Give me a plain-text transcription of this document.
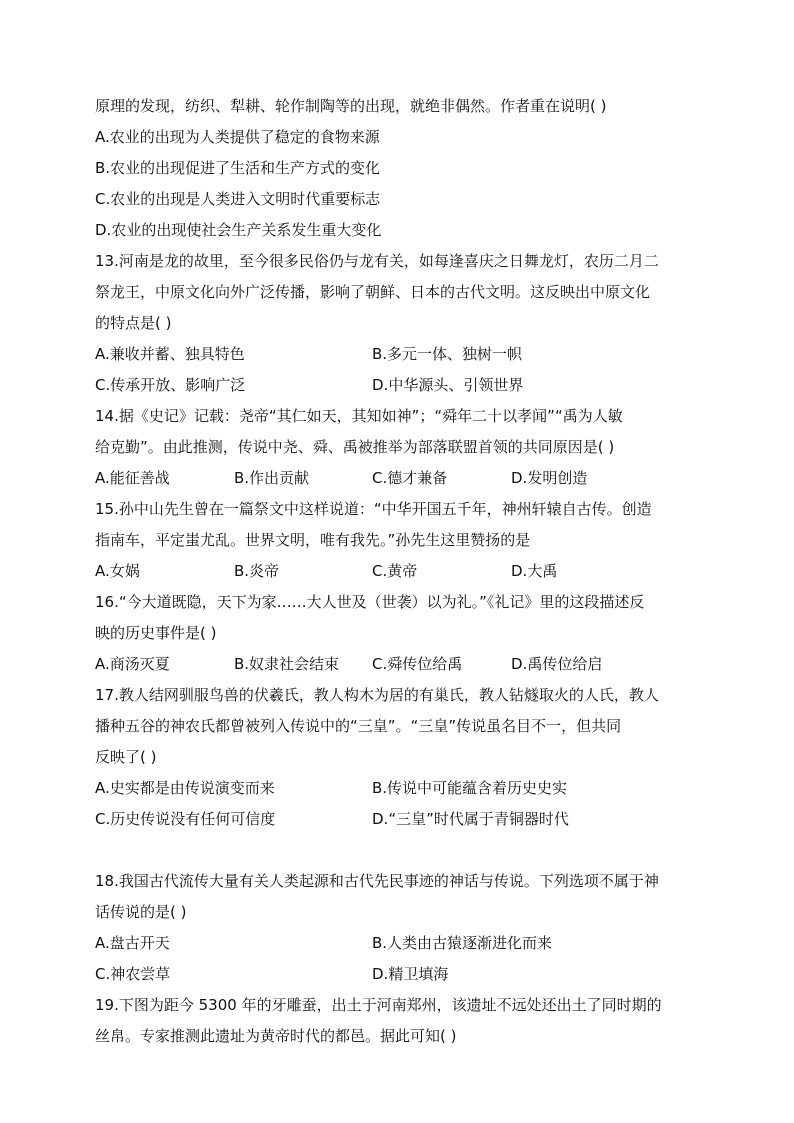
原理的发现，纺织、犁耕、轮作制陶等的出现，就绝非偶然。作者重在说明( )
A.农业的出现为人类提供了稳定的食物来源
B.农业的出现促进了生活和生产方式的变化
C.农业的出现是人类进入文明时代重要标志
D.农业的出现使社会生产关系发生重大变化
13.河南是龙的故里，至今很多民俗仍与龙有关，如每逢喜庆之日舞龙灯，农历二月二
祭龙王，中原文化向外广泛传播，影响了朝鲜、日本的古代文明。这反映出中原文化
的特点是( )
A.兼收并蓄、独具特色	B.多元一体、独树一帜
C.传承开放、影响广泛	D.中华源头、引领世界
14.据《史记》记载：尧帝“其仁如天，其知如神”；“舜年二十以孝闻”“禹为人敏
给克勤”。由此推测，传说中尧、舜、禹被推举为部落联盟首领的共同原因是( )
A.能征善战	B.作出贡献	C.德才兼备	D.发明创造
15.孙中山先生曾在一篇祭文中这样说道：“中华开国五千年，神州轩辕自古传。创造
指南车，平定蚩尤乱。世界文明，唯有我先。”孙先生这里赞扬的是
A.女娲	B.炎帝	C.黄帝	D.大禹
16.“今大道既隐，天下为家……大人世及（世袭）以为礼。”《礼记》里的这段描述反
映的历史事件是( )
A.商汤灭夏	B.奴隶社会结束 C.舜传位给禹	D.禹传位给启
17.教人结网驯服鸟兽的伏羲氏，教人构木为居的有巢氏，教人钻燧取火的人氏，教人
播种五谷的神农氏都曾被列入传说中的“三皇”。“三皇”传说虽名目不一，但共同
反映了( )
A.史实都是由传说演变而来	B.传说中可能蕴含着历史史实
C.历史传说没有任何可信度	D.“三皇”时代属于青铜器时代
18.我国古代流传大量有关人类起源和古代先民事迹的神话与传说。下列选项不属于神
话传说的是( )
A.盘古开天	B.人类由古猿逐渐进化而来
C.神农尝草	D.精卫填海
19.下图为距今 5300 年的牙雕蚕，出土于河南郑州，该遗址不远处还出土了同时期的
丝帛。专家推测此遗址为黄帝时代的都邑。据此可知( )
